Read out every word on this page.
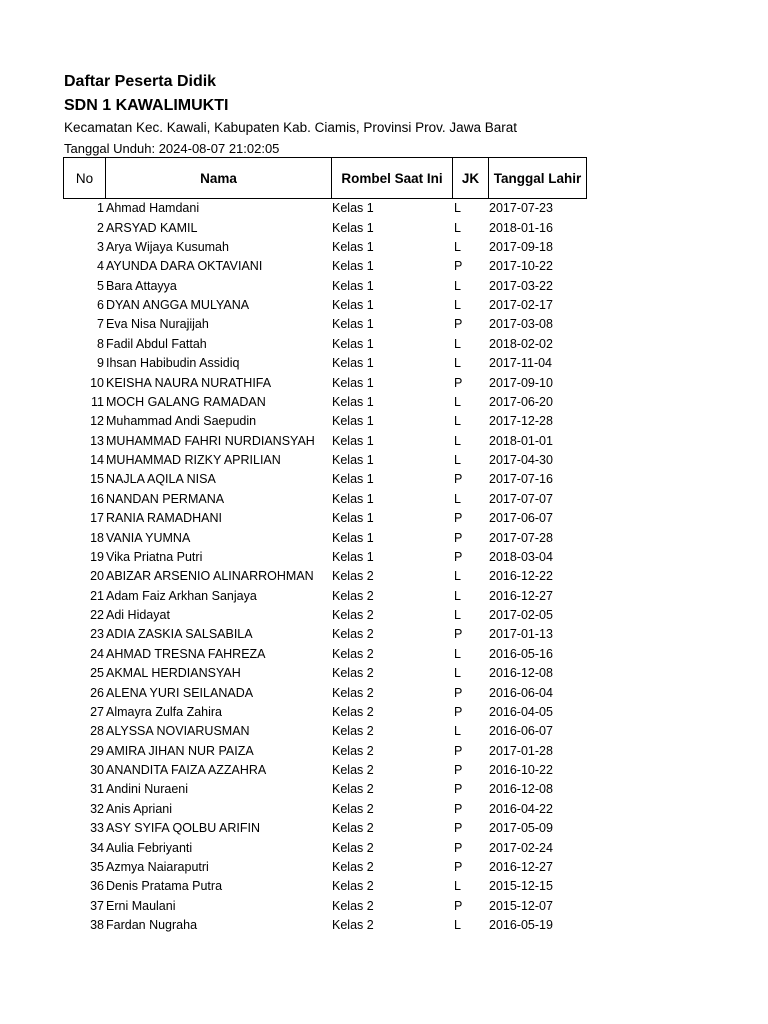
Daftar Peserta Didik
SDN 1 KAWALIMUKTI
Kecamatan Kec. Kawali, Kabupaten Kab. Ciamis, Provinsi Prov. Jawa Barat
Tanggal Unduh: 2024-08-07 21:02:05
No	Nama	Rombel Saat Ini	JK	Tanggal Lahir
1	Ahmad Hamdani	Kelas 1	L	2017-07-23
2	ARSYAD KAMIL	Kelas 1	L	2018-01-16
3	Arya Wijaya Kusumah	Kelas 1	L	2017-09-18
4	AYUNDA DARA OKTAVIANI	Kelas 1	P	2017-10-22
5	Bara Attayya	Kelas 1	L	2017-03-22
6	DYAN ANGGA MULYANA	Kelas 1	L	2017-02-17
7	Eva Nisa Nurajijah	Kelas 1	P	2017-03-08
8	Fadil Abdul Fattah	Kelas 1	L	2018-02-02
9	Ihsan Habibudin Assidiq	Kelas 1	L	2017-11-04
10	KEISHA NAURA NURATHIFA	Kelas 1	P	2017-09-10
11	MOCH GALANG RAMADAN	Kelas 1	L	2017-06-20
12	Muhammad Andi Saepudin	Kelas 1	L	2017-12-28
13	MUHAMMAD FAHRI NURDIANSYAH	Kelas 1	L	2018-01-01
14	MUHAMMAD RIZKY APRILIAN	Kelas 1	L	2017-04-30
15	NAJLA AQILA NISA	Kelas 1	P	2017-07-16
16	NANDAN PERMANA	Kelas 1	L	2017-07-07
17	RANIA RAMADHANI	Kelas 1	P	2017-06-07
18	VANIA YUMNA	Kelas 1	P	2017-07-28
19	Vika Priatna Putri	Kelas 1	P	2018-03-04
20	ABIZAR ARSENIO ALINARROHMAN	Kelas 2	L	2016-12-22
21	Adam Faiz Arkhan Sanjaya	Kelas 2	L	2016-12-27
22	Adi Hidayat	Kelas 2	L	2017-02-05
23	ADIA ZASKIA SALSABILA	Kelas 2	P	2017-01-13
24	AHMAD TRESNA FAHREZA	Kelas 2	L	2016-05-16
25	AKMAL HERDIANSYAH	Kelas 2	L	2016-12-08
26	ALENA YURI SEILANADA	Kelas 2	P	2016-06-04
27	Almayra Zulfa Zahira	Kelas 2	P	2016-04-05
28	ALYSSA NOVIARUSMAN	Kelas 2	L	2016-06-07
29	AMIRA JIHAN NUR PAIZA	Kelas 2	P	2017-01-28
30	ANANDITA FAIZA AZZAHRA	Kelas 2	P	2016-10-22
31	Andini Nuraeni	Kelas 2	P	2016-12-08
32	Anis Apriani	Kelas 2	P	2016-04-22
33	ASY SYIFA QOLBU ARIFIN	Kelas 2	P	2017-05-09
34	Aulia Febriyanti	Kelas 2	P	2017-02-24
35	Azmya Naiaraputri	Kelas 2	P	2016-12-27
36	Denis Pratama Putra	Kelas 2	L	2015-12-15
37	Erni Maulani	Kelas 2	P	2015-12-07
38	Fardan Nugraha	Kelas 2	L	2016-05-19
